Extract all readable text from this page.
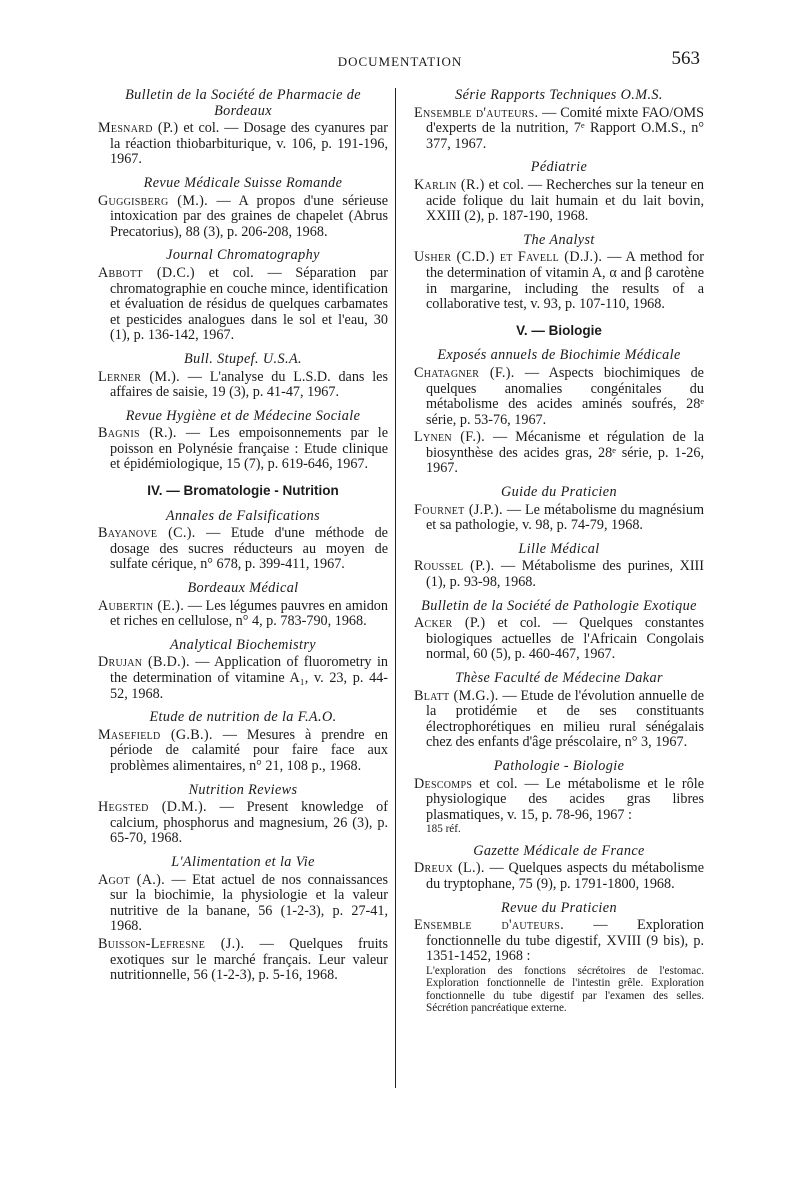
DOCUMENTATION	563
Bulletin de la Société de Pharmacie de Bordeaux
Mesnard (P.) et col. — Dosage des cyanures par la réaction thiobarbiturique, v. 106, p. 191-196, 1967.
Revue Médicale Suisse Romande
Guggisberg (M.). — A propos d'une sérieuse intoxication par des graines de chapelet (Abrus Precatorius), 88 (3), p. 206-208, 1968.
Journal Chromatography
Abbott (D.C.) et col. — Séparation par chromatographie en couche mince, identification et évaluation de résidus de quelques carbamates et pesticides analogues dans le sol et l'eau, 30 (1), p. 136-142, 1967.
Bull. Stupef. U.S.A.
Lerner (M.). — L'analyse du L.S.D. dans les affaires de saisie, 19 (3), p. 41-47, 1967.
Revue Hygiène et de Médecine Sociale
Bagnis (R.). — Les empoisonnements par le poisson en Polynésie française : Etude clinique et épidémiologique, 15 (7), p. 619-646, 1967.
IV. — Bromatologie - Nutrition
Annales de Falsifications
Bayanove (C.). — Etude d'une méthode de dosage des sucres réducteurs au moyen de sulfate cérique, n° 678, p. 399-411, 1967.
Bordeaux Médical
Aubertin (E.). — Les légumes pauvres en amidon et riches en cellulose, n° 4, p. 783-790, 1968.
Analytical Biochemistry
Drujan (B.D.). — Application of fluorometry in the determination of vitamine A₁, v. 23, p. 44-52, 1968.
Etude de nutrition de la F.A.O.
Masefield (G.B.). — Mesures à prendre en période de calamité pour faire face aux problèmes alimentaires, n° 21, 108 p., 1968.
Nutrition Reviews
Hegsted (D.M.). — Present knowledge of calcium, phosphorus and magnesium, 26 (3), p. 65-70, 1968.
L'Alimentation et la Vie
Agot (A.). — Etat actuel de nos connaissances sur la biochimie, la physiologie et la valeur nutritive de la banane, 56 (1-2-3), p. 27-41, 1968.
Buisson-Lefresne (J.). — Quelques fruits exotiques sur le marché français. Leur valeur nutritionnelle, 56 (1-2-3), p. 5-16, 1968.
Série Rapports Techniques O.M.S.
Ensemble d'auteurs. — Comité mixte FAO/OMS d'experts de la nutrition, 7ᵉ Rapport O.M.S., n° 377, 1967.
Pédiatrie
Karlin (R.) et col. — Recherches sur la teneur en acide folique du lait humain et du lait bovin, XXIII (2), p. 187-190, 1968.
The Analyst
Usher (C.D.) et Favell (D.J.). — A method for the determination of vitamin A, α and β carotène in margarine, including the results of a collaborative test, v. 93, p. 107-110, 1968.
V. — Biologie
Exposés annuels de Biochimie Médicale
Chatagner (F.). — Aspects biochimiques de quelques anomalies congénitales du métabolisme des acides aminés soufrés, 28ᵉ série, p. 53-76, 1967.
Lynen (F.). — Mécanisme et régulation de la biosynthèse des acides gras, 28ᵉ série, p. 1-26, 1967.
Guide du Praticien
Fournet (J.P.). — Le métabolisme du magnésium et sa pathologie, v. 98, p. 74-79, 1968.
Lille Médical
Roussel (P.). — Métabolisme des purines, XIII (1), p. 93-98, 1968.
Bulletin de la Société de Pathologie Exotique
Acker (P.) et col. — Quelques constantes biologiques actuelles de l'Africain Congolais normal, 60 (5), p. 460-467, 1967.
Thèse Faculté de Médecine Dakar
Blatt (M.G.). — Etude de l'évolution annuelle de la protidémie et de ses constituants électrophorétiques en milieu rural sénégalais chez des enfants d'âge préscolaire, n° 3, 1967.
Pathologie - Biologie
Descomps et col. — Le métabolisme et le rôle physiologique des acides gras libres plasmatiques, v. 15, p. 78-96, 1967 :
185 réf.
Gazette Médicale de France
Dreux (L.). — Quelques aspects du métabolisme du tryptophane, 75 (9), p. 1791-1800, 1968.
Revue du Praticien
Ensemble d'auteurs. — Exploration fonctionnelle du tube digestif, XVIII (9 bis), p. 1351-1452, 1968 :
L'exploration des fonctions sécrétoires de l'estomac. Exploration fonctionnelle de l'intestin grêle. Exploration fonctionnelle du tube digestif par l'examen des selles. Sécrétion pancréatique externe.
